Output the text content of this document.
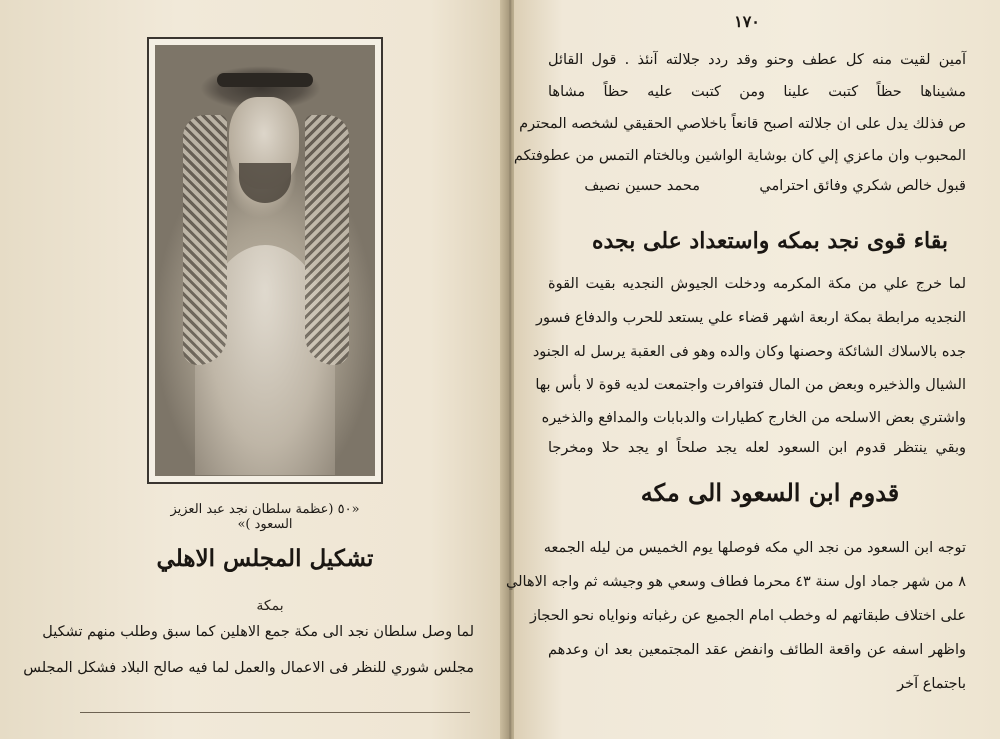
«٥٠ (عظمة سلطان نجد عبد العزيز السعود )»
تشكيل المجلس الاهلي
بمكة
لما وصل سلطان نجد الى مكة جمع الاهلين كما سبق وطلب منهم تشكيل
مجلس شوري للنظر فى الاعمال والعمل لما فيه صالح البلاد فشكل المجلس
١٧٠
آمين لقيت منه كل عطف وحنو وقد ردد جلالته آنئذ . قول القائل
مشيناها حظاً كتبت علينا ومن كتبت عليه حظاً مشاها
ص فذلك يدل على ان جلالته اصبح قانعاً باخلاصي الحقيقي لشخصه المحترم
المحبوب وان ماعزي إلي كان بوشاية الواشين وبالختام التمس من عطوفتكم
قبول خالص شكري وفائق احترامي
محمد حسين نصيف
بقاء قوى نجد بمكه واستعداد على بجده
لما خرج علي من مكة المكرمه ودخلت الجيوش النجديه بقيت القوة
النجديه مرابطة بمكة اربعة اشهر قضاء علي يستعد للحرب والدفاع فسور
جده بالاسلاك الشائكة وحصنها وكان والده وهو فى العقبة يرسل له الجنود
الشيال والذخيره وبعض من المال فتوافرت واجتمعت لديه قوة لا بأس بها
واشتري بعض الاسلحه من الخارج كطيارات والدبابات والمدافع والذخيره
وبقي ينتظر قدوم ابن السعود لعله يجد صلحاً او يجد حلا ومخرجا
قدوم ابن السعود الى مكه
توجه ابن السعود من نجد الي مكه فوصلها يوم الخميس من ليله الجمعه
٨ من شهر جماد اول سنة ٤٣ محرما فطاف وسعي هو وجيشه ثم واجه الاهالي
على اختلاف طبقاتهم له وخطب امام الجميع عن رغباته ونواياه نحو الحجاز
واظهر اسفه عن واقعة الطائف وانفض عقد المجتمعين بعد ان وعدهم
باجتماع آخر
